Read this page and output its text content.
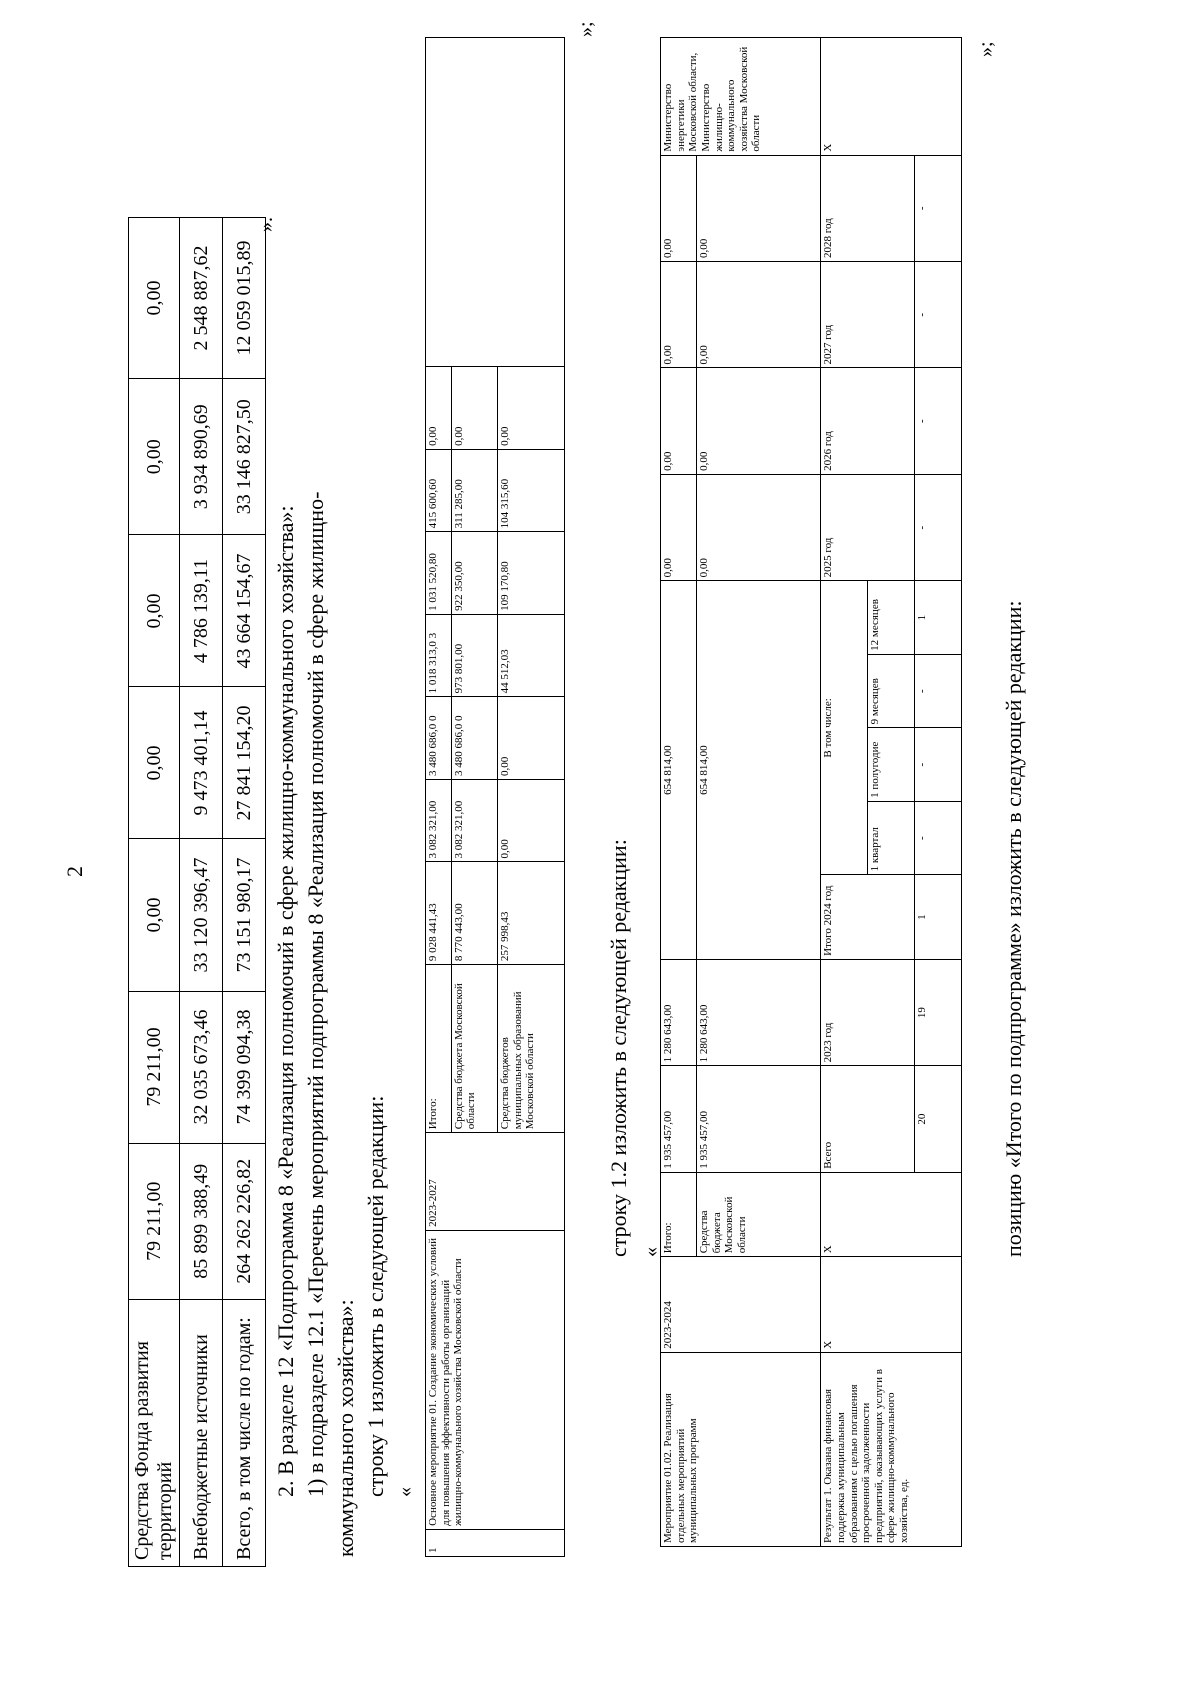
2
Средства Фонда развития территорий	79 211,00	79 211,00	0,00	0,00	0,00	0,00	0,00
Внебюджетные источники	85 899 388,49	32 035 673,46	33 120 396,47	9 473 401,14	4 786 139,11	3 934 890,69	2 548 887,62
Всего, в том числе по годам:	264 262 226,82	74 399 094,38	73 151 980,17	27 841 154,20	43 664 154,67	33 146 827,50	12 059 015,89
».
2. В разделе 12 «Подпрограмма 8 «Реализация полномочий в сфере жилищно-коммунального хозяйства»: 1) в подразделе 12.1 «Перечень мероприятий подпрограммы 8 «Реализация полномочий в сфере жилищно- коммунального хозяйства»: строку 1 изложить в следующей редакции: «
1	Основное мероприятие 01. Создание экономических условий для повышения эффективности работы организаций жилищно-коммунального хозяйства Московской области	2023-2027	Итого:	9 028 441,43	3 082 321,00	3 480 686,0 0	1 018 313,0 3	1 031 520,80	415 600,60	0,00	
			Средства бюджета Московской области	8 770 443,00	3 082 321,00	3 480 686,0 0	973 801,00	922 350,00	311 285,00	0,00	
			Средства бюджетов муниципальных образований Московской области	257 998,43	0,00	0,00	44 512,03	109 170,80	104 315,60	0,00	
»;
строку 1.2 изложить в следующей редакции: «
Мероприятие 01.02. Реализация отдельных мероприятий муниципальных программ	2023-2024	Итого:	1 935 457,00	1 280 643,00	654 814,00					0,00	0,00	0,00	0,00	Министерство энергетики Московской области, Министерство жилищно-коммунального хозяйства Московской области
		Средства бюджета Московской области	1 935 457,00	1 280 643,00	654 814,00					0,00	0,00	0,00	0,00	
Результат 1. Оказана финансовая поддержка муниципальным образованиям с целью погашения просроченной задолженности предприятий, оказывающих услуги в сфере жилищно-коммунального хозяйства, ед.	X	X	Всего	2023 год	Итого 2024 год	В том числе:				2025 год	2026 год	2027 год	2028 год	X
						1 квартал	1 полугодие	9 месяцев	12 месяцев					
			20	19	1	-	-	-	1	-	-	-	-	
»;
позицию «Итого по подпрограмме» изложить в следующей редакции:
